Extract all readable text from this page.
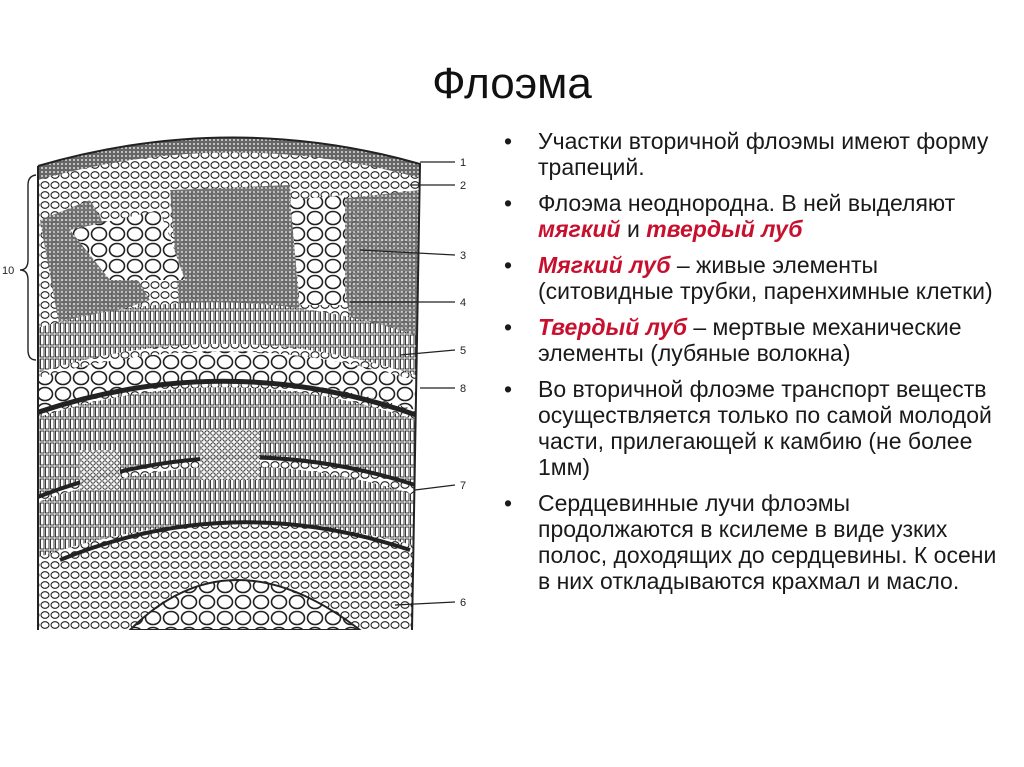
Флоэма
10
1
2
3
4
5
8
7
6
•	Участки вторичной флоэмы имеют форму трапеций.
•	Флоэма неоднородна. В ней выделяют мягкий и твердый луб
•	Мягкий луб – живые элементы (ситовидные трубки, паренхимные клетки)
•	Твердый луб – мертвые механические элементы (лубяные волокна)
•	Во вторичной флоэме транспорт веществ осуществляется только по самой молодой части, прилегающей к камбию (не более 1мм)
•	Сердцевинные лучи флоэмы продолжаются в ксилеме в виде узких полос, доходящих до сердцевины. К осени в них откладываются крахмал и масло.
